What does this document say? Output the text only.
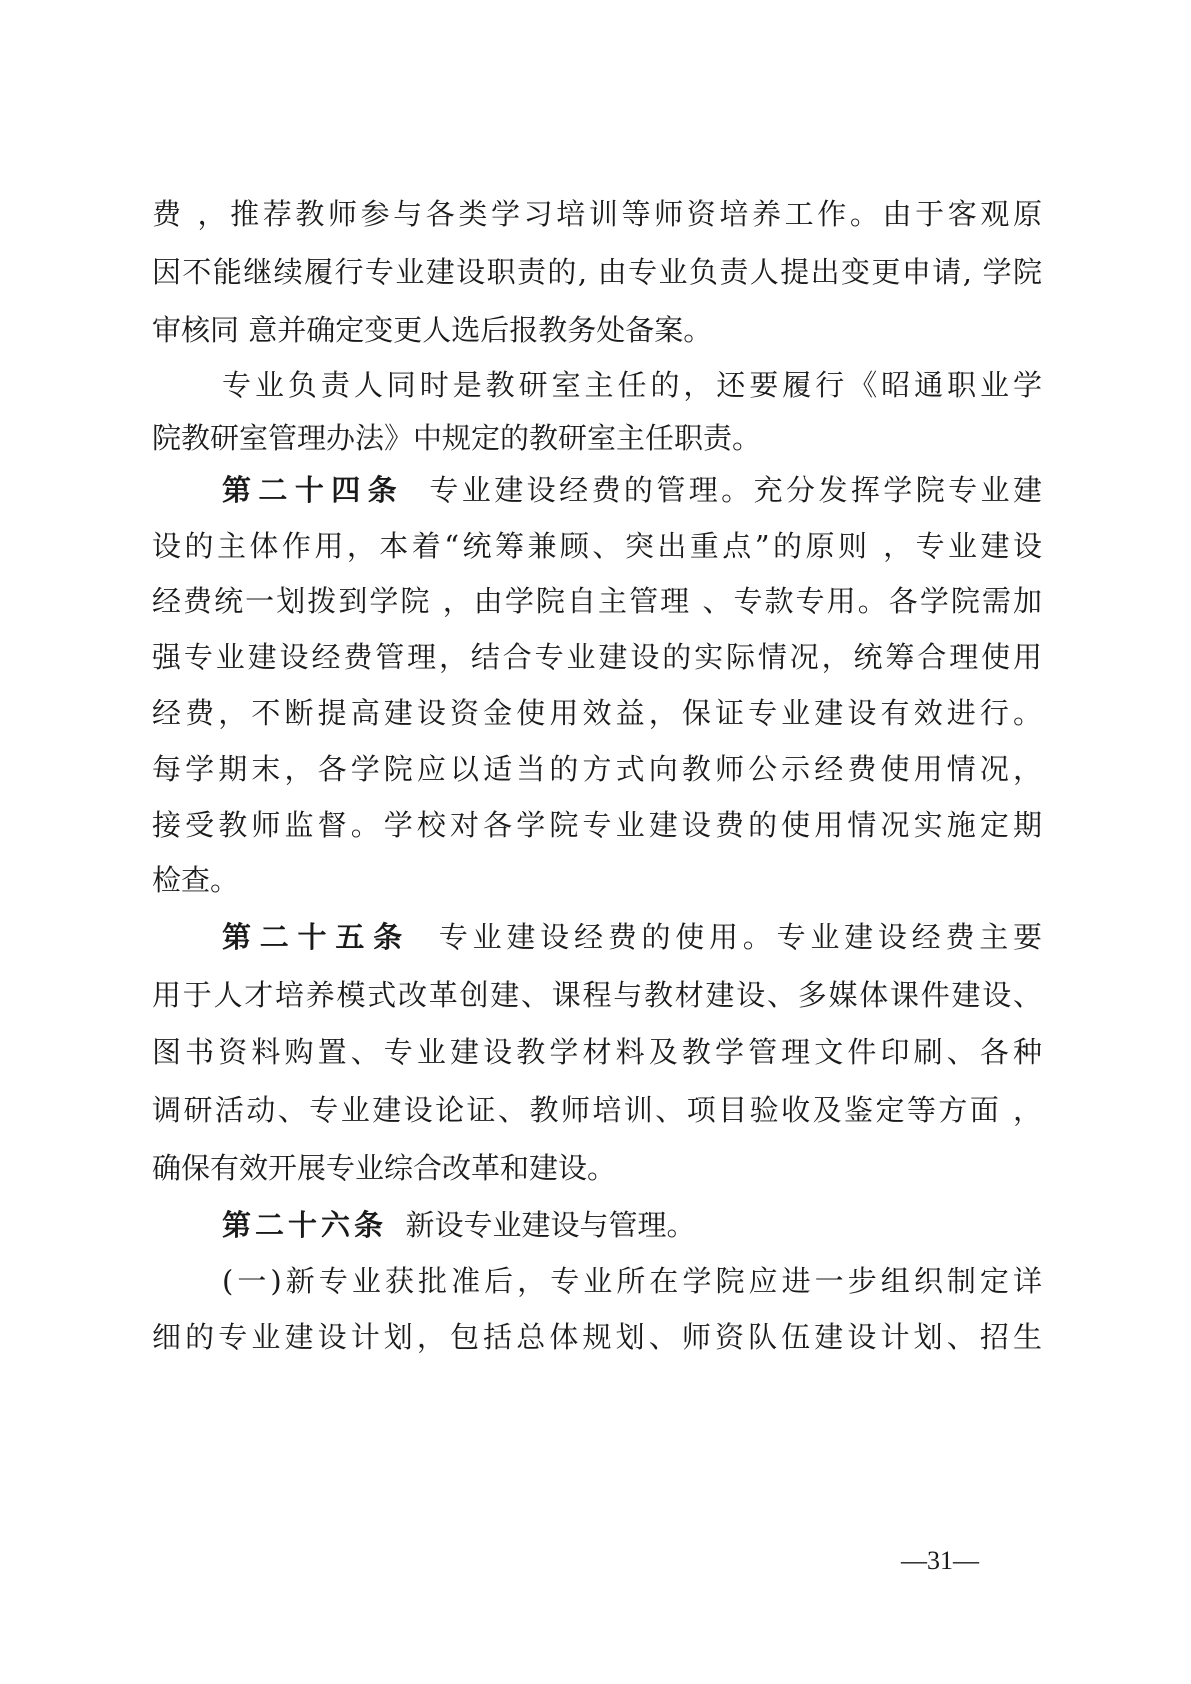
费 ，推荐教师参与各类学习培训等师资培养工作。由于客观原
因不能继续履行专业建设职责的, 由专业负责人提出变更申请, 学院
审核同 意并确定变更人选后报教务处备案。
专业负责人同时是教研室主任的，还要履行《昭通职业学
院教研室管理办法》中规定的教研室主任职责。
第二十四条 专业建设经费的管理。充分发挥学院专业建
设的主体作用，本着“统筹兼顾、突出重点”的原则 ，专业建设
经费统一划拨到学院 ，由学院自主管理 、专款专用。各学院需加
强专业建设经费管理，结合专业建设的实际情况，统筹合理使用
经费，不断提高建设资金使用效益，保证专业建设有效进行。
每学期末，各学院应以适当的方式向教师公示经费使用情况，
接受教师监督。学校对各学院专业建设费的使用情况实施定期
检查。
第二十五条 专业建设经费的使用。专业建设经费主要
用于人才培养模式改革创建、课程与教材建设、多媒体课件建设、
图书资料购置、专业建设教学材料及教学管理文件印刷、各种
调研活动、专业建设论证、教师培训、项目验收及鉴定等方面 ，
确保有效开展专业综合改革和建设。
第二十六条 新设专业建设与管理。
(一)新专业获批准后，专业所在学院应进一步组织制定详
细的专业建设计划，包括总体规划、师资队伍建设计划、招生
—31—
